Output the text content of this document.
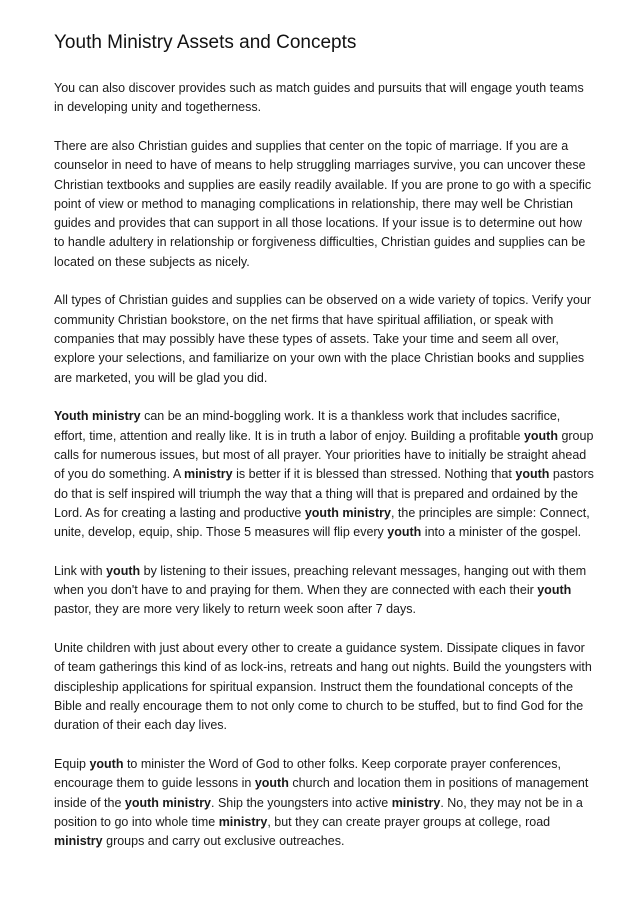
Youth Ministry Assets and Concepts

You can also discover provides such as match guides and pursuits that will engage youth teams in developing unity and togetherness.

There are also Christian guides and supplies that center on the topic of marriage. If you are a counselor in need to have of means to help struggling marriages survive, you can uncover these Christian textbooks and supplies are easily readily available. If you are prone to go with a specific point of view or method to managing complications in relationship, there may well be Christian guides and provides that can support in all those locations. If your issue is to determine out how to handle adultery in relationship or forgiveness difficulties, Christian guides and supplies can be located on these subjects as nicely.

All types of Christian guides and supplies can be observed on a wide variety of topics. Verify your community Christian bookstore, on the net firms that have spiritual affiliation, or speak with companies that may possibly have these types of assets. Take your time and seem all over, explore your selections, and familiarize on your own with the place Christian books and supplies are marketed, you will be glad you did.

Youth ministry can be an mind-boggling work. It is a thankless work that includes sacrifice, effort, time, attention and really like. It is in truth a labor of enjoy. Building a profitable youth group calls for numerous issues, but most of all prayer. Your priorities have to initially be straight ahead of you do something. A ministry is better if it is blessed than stressed. Nothing that youth pastors do that is self inspired will triumph the way that a thing will that is prepared and ordained by the Lord. As for creating a lasting and productive youth ministry, the principles are simple: Connect, unite, develop, equip, ship. Those 5 measures will flip every youth into a minister of the gospel.

Link with youth by listening to their issues, preaching relevant messages, hanging out with them when you don't have to and praying for them. When they are connected with each their youth pastor, they are more very likely to return week soon after 7 days.

Unite children with just about every other to create a guidance system. Dissipate cliques in favor of team gatherings this kind of as lock-ins, retreats and hang out nights. Build the youngsters with discipleship applications for spiritual expansion. Instruct them the foundational concepts of the Bible and really encourage them to not only come to church to be stuffed, but to find God for the duration of their each day lives.

Equip youth to minister the Word of God to other folks. Keep corporate prayer conferences, encourage them to guide lessons in youth church and location them in positions of management inside of the youth ministry. Ship the youngsters into active ministry. No, they may not be in a position to go into whole time ministry, but they can create prayer groups at college, road ministry groups and carry out exclusive outreaches.
